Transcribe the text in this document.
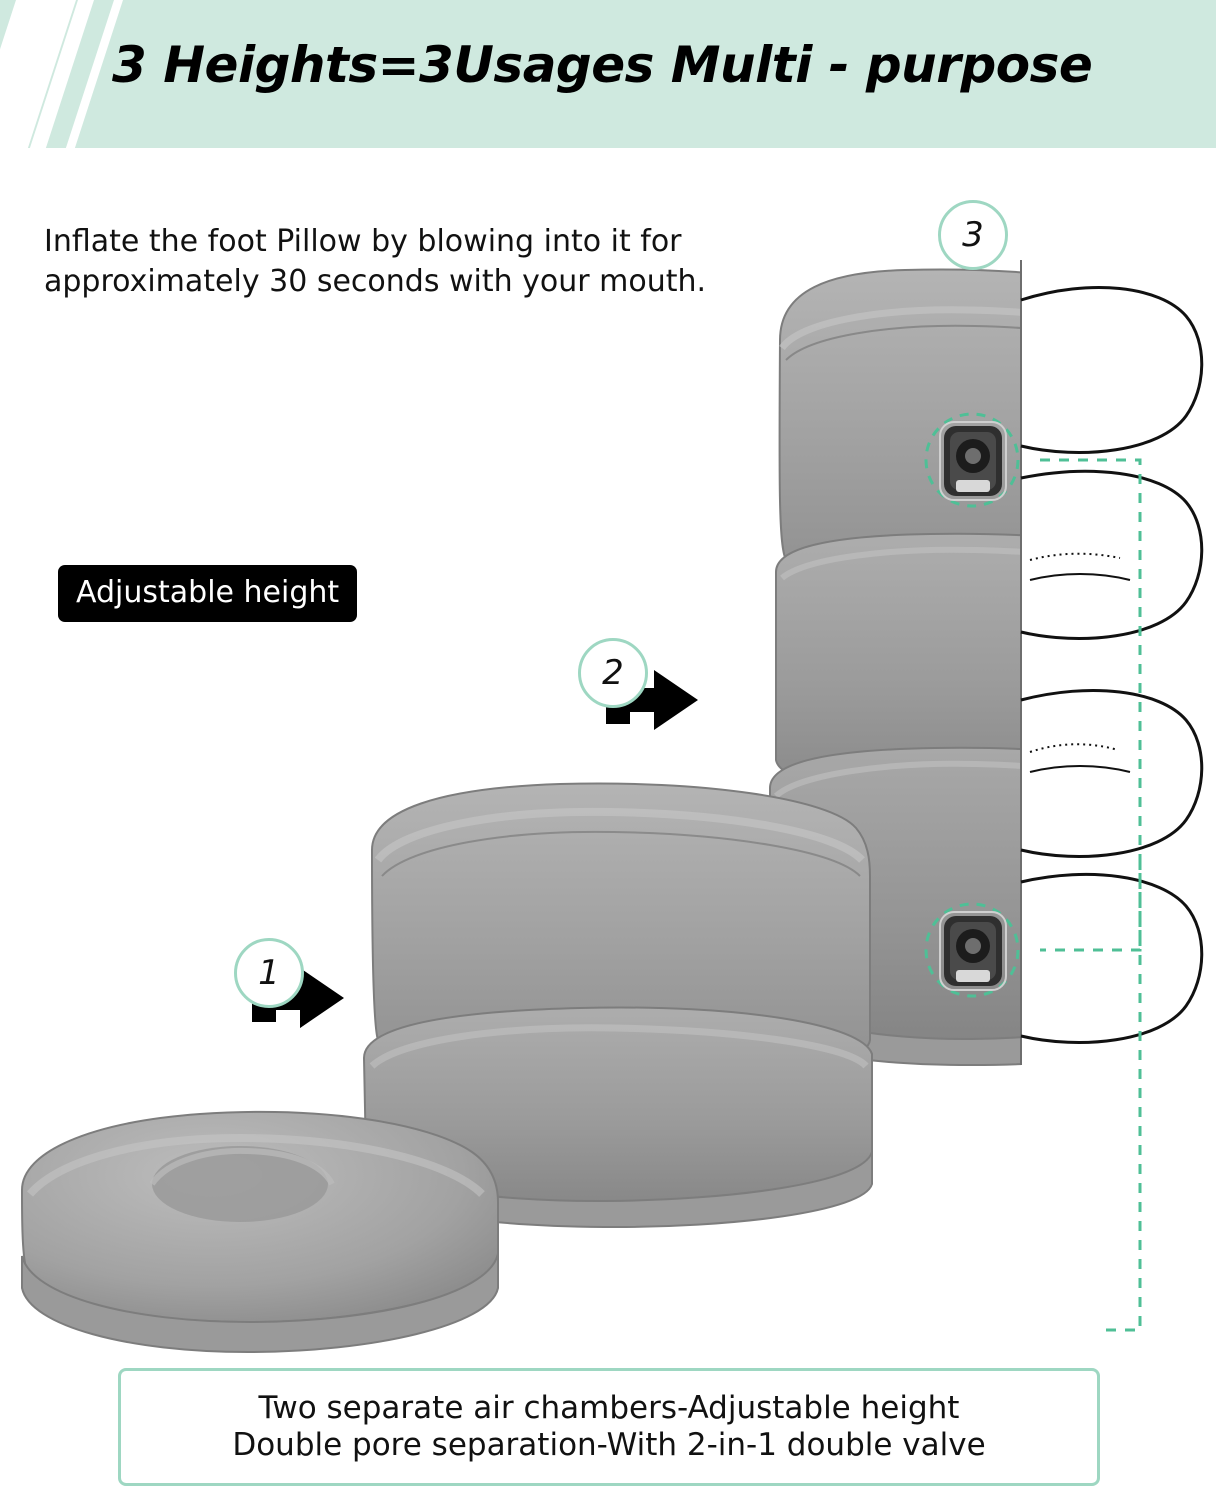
3 Heights=3Usages Multi - purpose
Inflate the foot Pillow by blowing into it for approximately 30 seconds with your mouth.
1
2
3
Adjustable height
Two separate air chambers-Adjustable height
Double pore separation-With 2-in-1 double valve
